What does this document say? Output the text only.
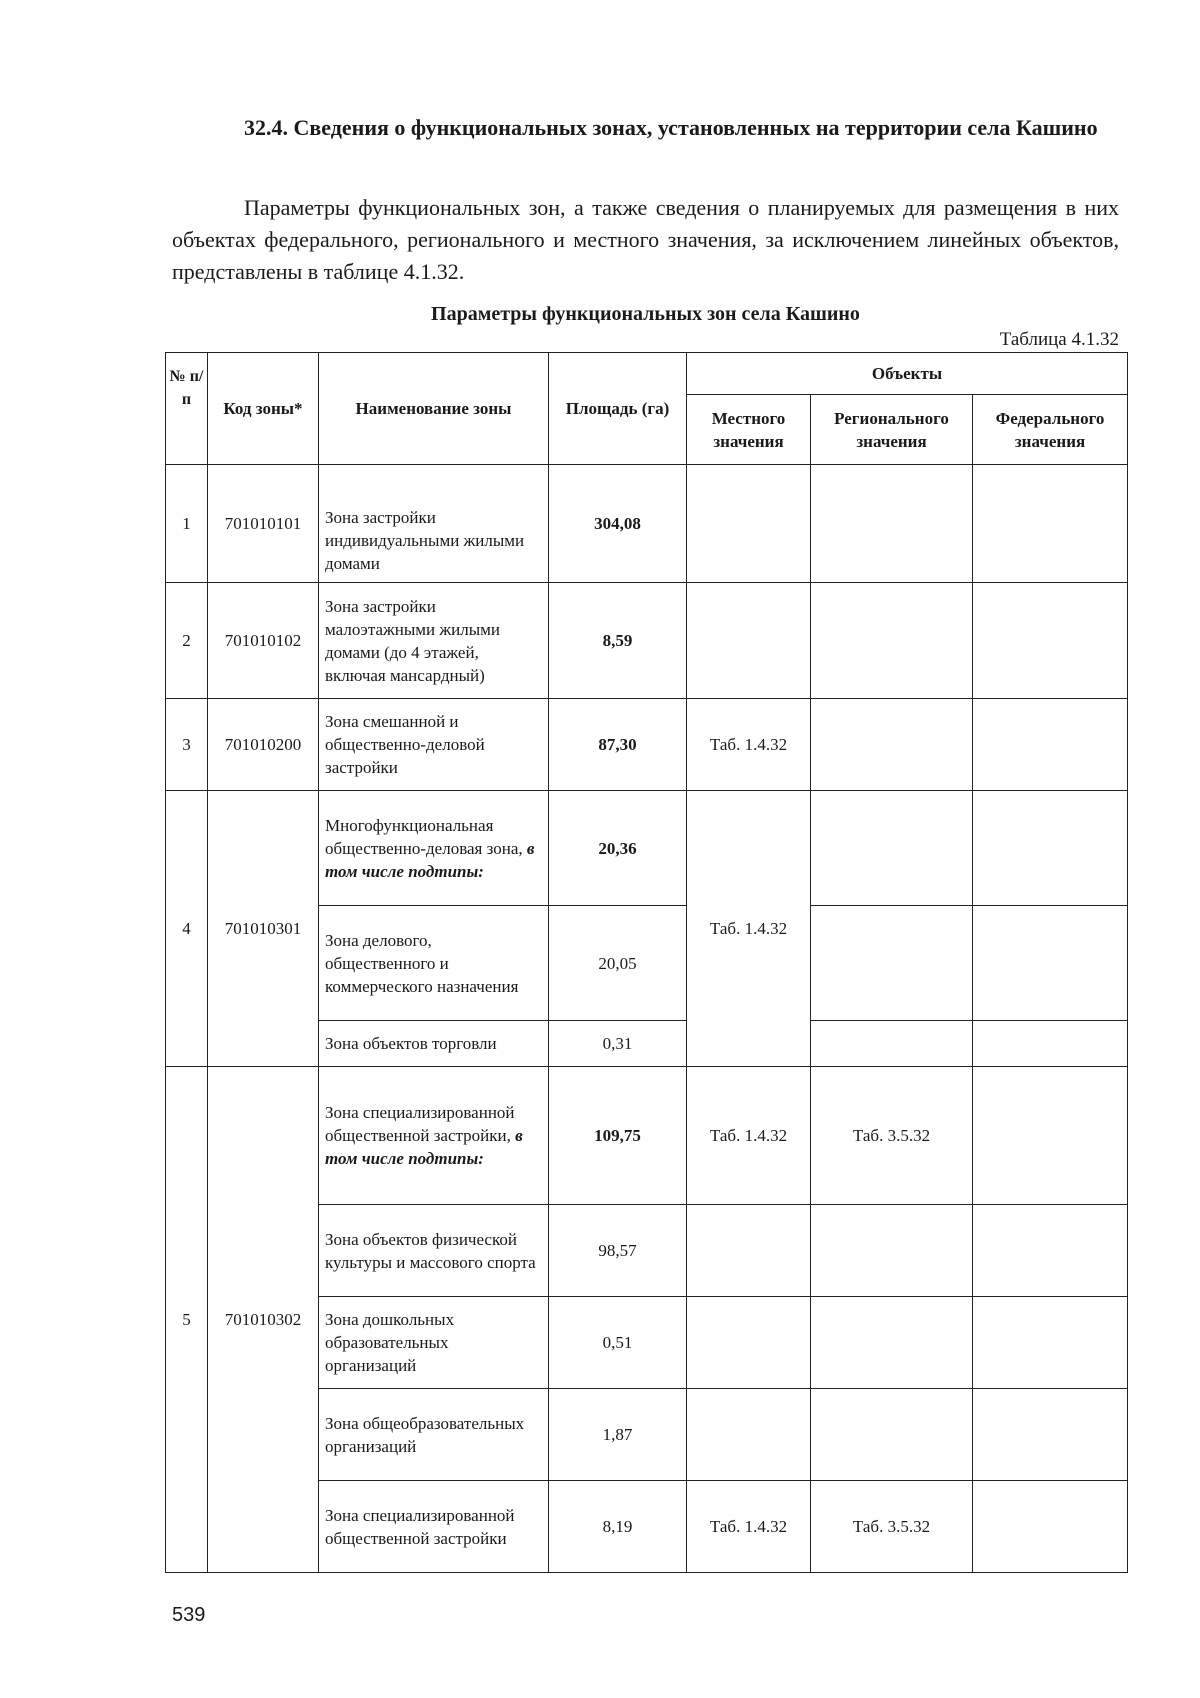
32.4. Сведения о функциональных зонах, установленных на территории села Кашино
Параметры функциональных зон, а также сведения о планируемых для размещения в них объектах федерального, регионального и местного значения, за исключением линейных объектов, представлены в таблице 4.1.32.
Параметры функциональных зон села Кашино
Таблица 4.1.32
№ п/п	Код зоны*	Наименование зоны	Площадь (га)	Объекты		
				Местного значения	Регионального значения	Федерального значения
1	701010101	Зона застройки индивидуальными жилыми домами	304,08			
2	701010102	Зона застройки малоэтажными жилыми домами (до 4 этажей, включая мансардный)	8,59			
3	701010200	Зона смешанной и общественно-деловой застройки	87,30	Таб. 1.4.32		
4	701010301	Многофункциональная общественно-деловая зона, в том числе подтипы:	20,36	Таб. 1.4.32		
		Зона делового, общественного и коммерческого назначения	20,05			
		Зона объектов торговли	0,31			
5	701010302	Зона специализированной общественной застройки, в том числе подтипы:	109,75	Таб. 1.4.32	Таб. 3.5.32	
		Зона объектов физической культуры и массового спорта	98,57			
		Зона дошкольных образовательных организаций	0,51			
		Зона общеобразовательных организаций	1,87			
		Зона специализированной общественной застройки	8,19	Таб. 1.4.32	Таб. 3.5.32	
539
